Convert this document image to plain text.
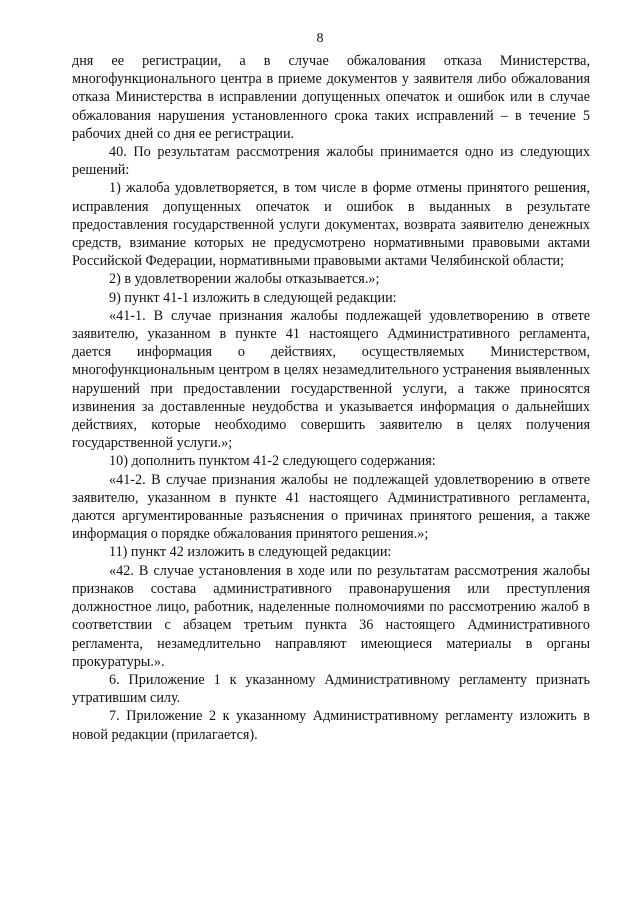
8

дня ее регистрации, а в случае обжалования отказа Министерства, многофункционального центра в приеме документов у заявителя либо обжалования отказа Министерства в исправлении допущенных опечаток и ошибок или в случае обжалования нарушения установленного срока таких исправлений – в течение 5 рабочих дней со дня ее регистрации.

40. По результатам рассмотрения жалобы принимается одно из следующих решений:

1) жалоба удовлетворяется, в том числе в форме отмены принятого решения, исправления допущенных опечаток и ошибок в выданных в результате предоставления государственной услуги документах, возврата заявителю денежных средств, взимание которых не предусмотрено нормативными правовыми актами Российской Федерации, нормативными правовыми актами Челябинской области;

2) в удовлетворении жалобы отказывается.»;

9) пункт 41-1 изложить в следующей редакции:

«41-1. В случае признания жалобы подлежащей удовлетворению в ответе заявителю, указанном в пункте 41 настоящего Административного регламента, дается информация о действиях, осуществляемых Министерством, многофункциональным центром в целях незамедлительного устранения выявленных нарушений при предоставлении государственной услуги, а также приносятся извинения за доставленные неудобства и указывается информация о дальнейших действиях, которые необходимо совершить заявителю в целях получения государственной услуги.»;

10) дополнить пунктом 41-2 следующего содержания:

«41-2. В случае признания жалобы не подлежащей удовлетворению в ответе заявителю, указанном в пункте 41 настоящего Административного регламента, даются аргументированные разъяснения о причинах принятого решения, а также информация о порядке обжалования принятого решения.»;

11) пункт 42 изложить в следующей редакции:

«42. В случае установления в ходе или по результатам рассмотрения жалобы признаков состава административного правонарушения или преступления должностное лицо, работник, наделенные полномочиями по рассмотрению жалоб в соответствии с абзацем третьим пункта 36 настоящего Административного регламента, незамедлительно направляют имеющиеся материалы в органы прокуратуры.».

6. Приложение 1 к указанному Административному регламенту признать утратившим силу.

7. Приложение 2 к указанному Административному регламенту изложить в новой редакции (прилагается).
